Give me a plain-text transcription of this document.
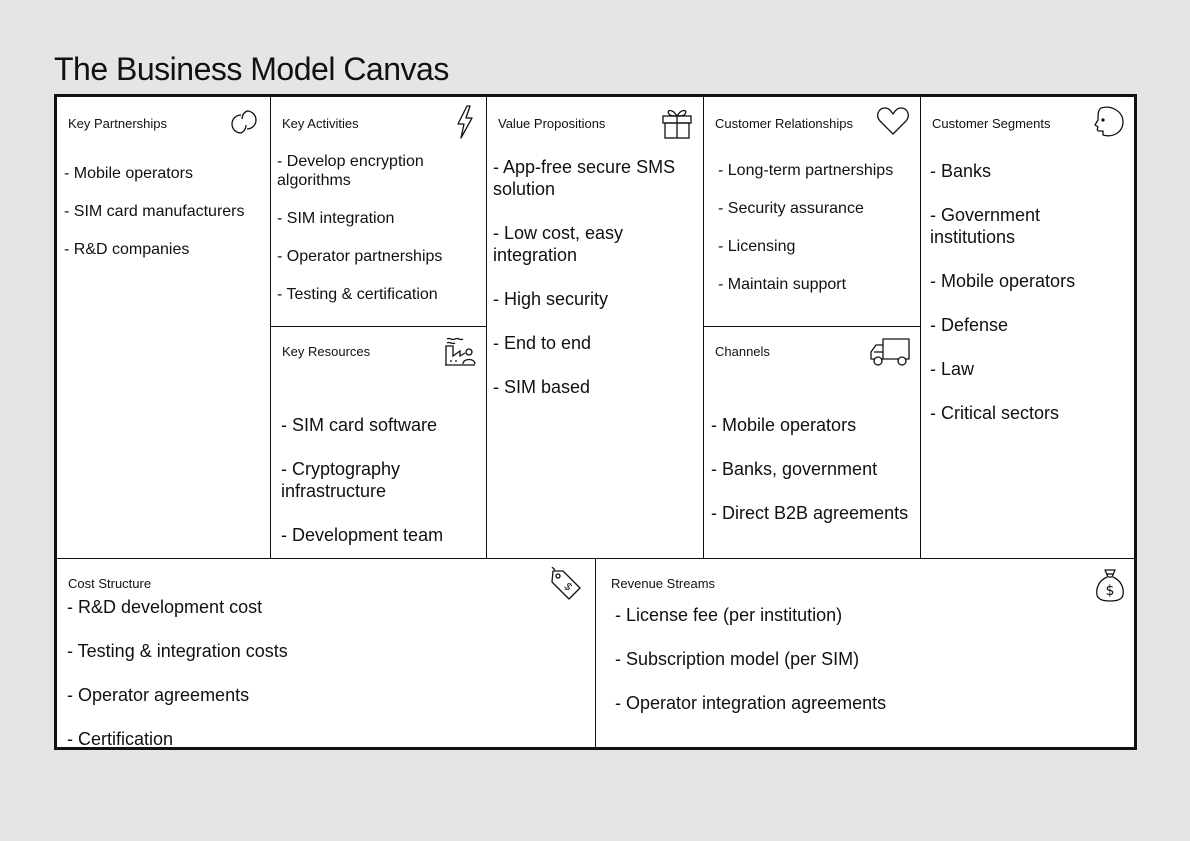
The Business Model Canvas
Key Partnerships
- Mobile operators
- SIM card manufacturers
- R&D companies
Key Activities
- Develop encryption
algorithms
- SIM integration
- Operator partnerships
- Testing & certification
Key Resources
- SIM card software
- Cryptography
infrastructure
- Development team
Value Propositions
- App-free secure SMS
solution
- Low cost, easy
integration
- High security
- End to end
- SIM based
Customer Relationships
- Long-term partnerships
- Security assurance
- Licensing
- Maintain support
Channels
- Mobile operators
- Banks, government
- Direct B2B agreements
Customer Segments
- Banks
- Government
institutions
- Mobile operators
- Defense
- Law
- Critical sectors
Cost Structure	$
- R&D development cost
- Testing & integration costs
- Operator agreements
- Certification
Revenue Streams	$
- License fee (per institution)
- Subscription model (per SIM)
- Operator integration agreements
